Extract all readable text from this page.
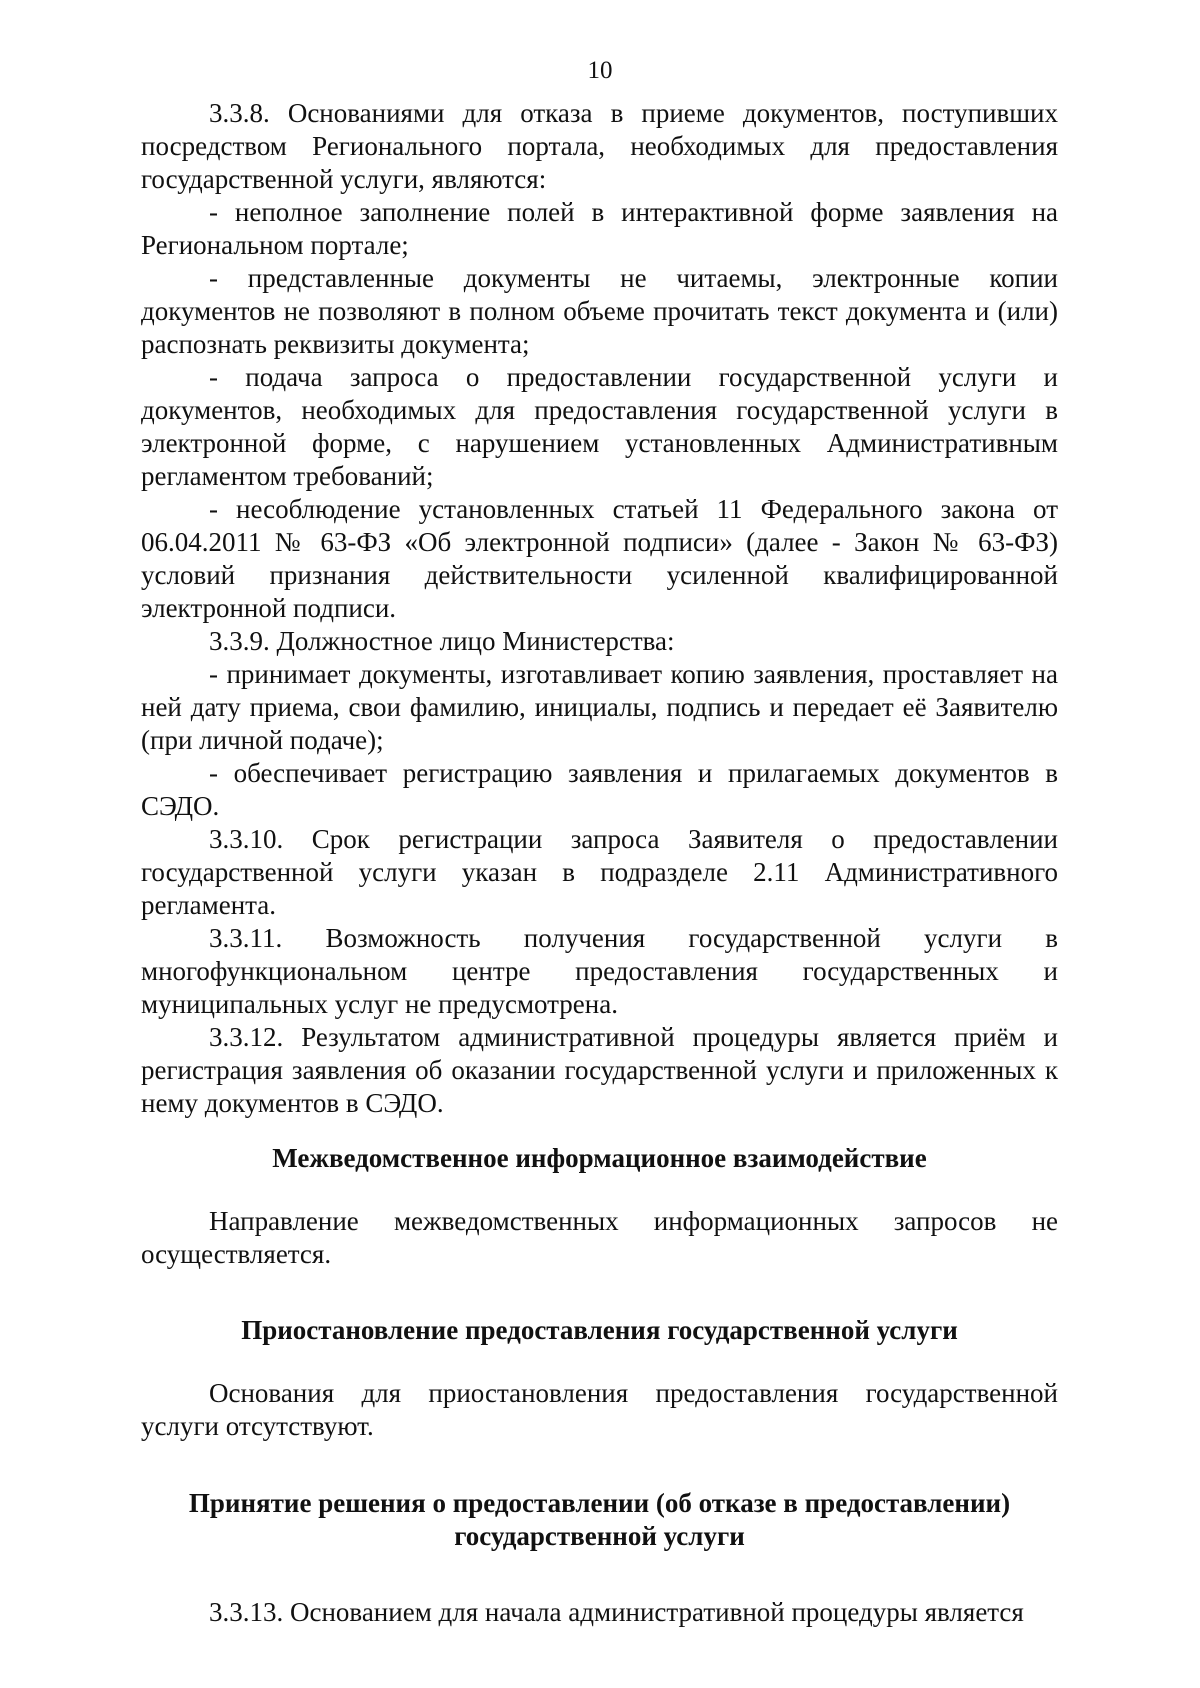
10

3.3.8. Основаниями для отказа в приеме документов, поступивших посредством Регионального портала, необходимых для предоставления государственной услуги, являются:

- неполное заполнение полей в интерактивной форме заявления на Региональном портале;

- представленные документы не читаемы, электронные копии документов не позволяют в полном объеме прочитать текст документа и (или) распознать реквизиты документа;

- подача запроса о предоставлении государственной услуги и документов, необходимых для предоставления государственной услуги в электронной форме, с нарушением установленных Административным регламентом требований;

- несоблюдение установленных статьей 11 Федерального закона от 06.04.2011 № 63-ФЗ «Об электронной подписи» (далее - Закон № 63-ФЗ) условий признания действительности усиленной квалифицированной электронной подписи.

3.3.9. Должностное лицо Министерства:

- принимает документы, изготавливает копию заявления, проставляет на ней дату приема, свои фамилию, инициалы, подпись и передает её Заявителю (при личной подаче);

- обеспечивает регистрацию заявления и прилагаемых документов в СЭДО.

3.3.10. Срок регистрации запроса Заявителя о предоставлении государственной услуги указан в подразделе 2.11 Административного регламента.

3.3.11. Возможность получения государственной услуги в многофункциональном центре предоставления государственных и муниципальных услуг не предусмотрена.

3.3.12. Результатом административной процедуры является приём и регистрация заявления об оказании государственной услуги и приложенных к нему документов в СЭДО.

Межведомственное информационное взаимодействие

Направление межведомственных информационных запросов не осуществляется.

Приостановление предоставления государственной услуги

Основания для приостановления предоставления государственной услуги отсутствуют.

Принятие решения о предоставлении (об отказе в предоставлении) государственной услуги

3.3.13. Основанием для начала административной процедуры является
